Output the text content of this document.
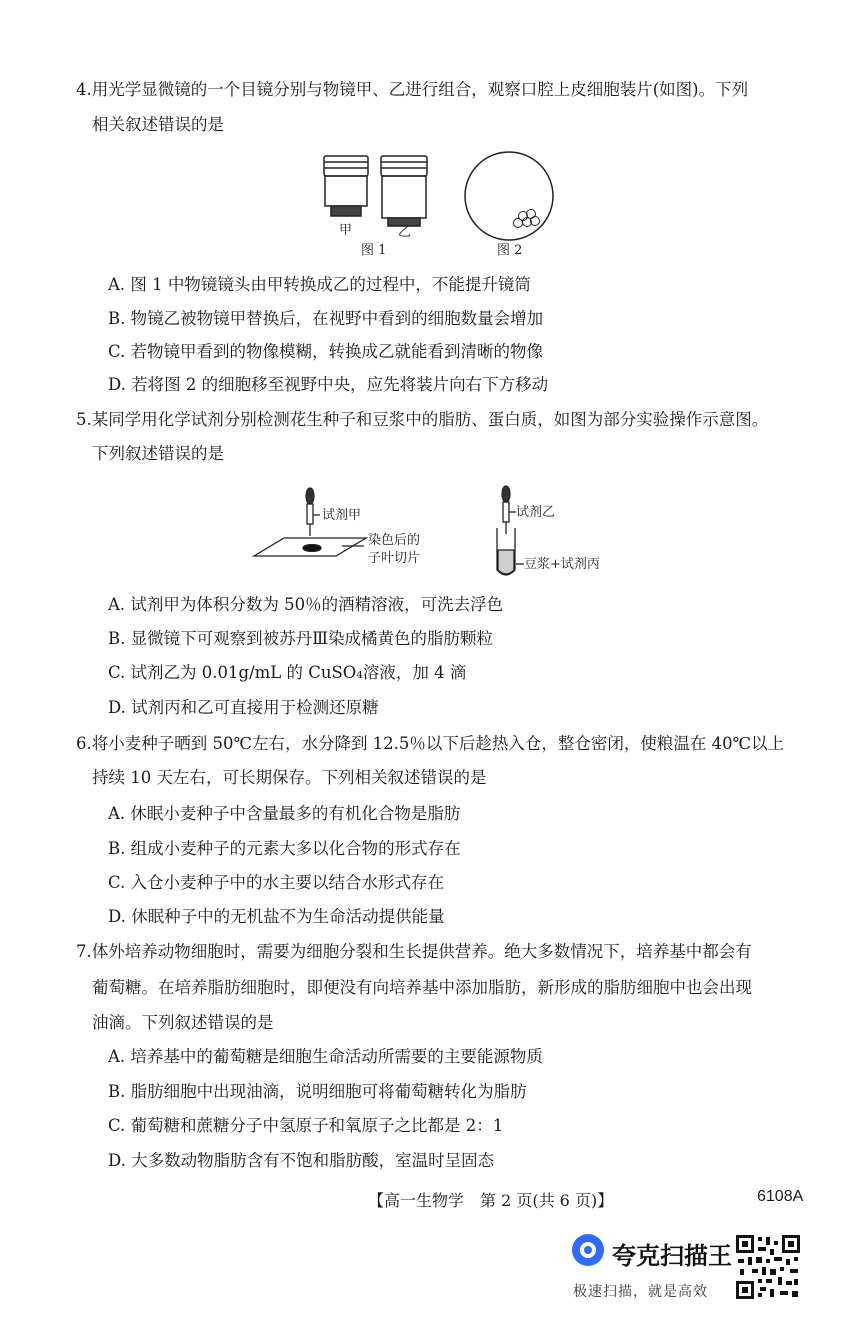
4.用光学显微镜的一个目镜分别与物镜甲、乙进行组合，观察口腔上皮细胞装片(如图)。下列
相关叙述错误的是
甲	乙
图 1	图 2
A. 图 1 中物镜镜头由甲转换成乙的过程中，不能提升镜筒
B. 物镜乙被物镜甲替换后，在视野中看到的细胞数量会增加
C. 若物镜甲看到的物像模糊，转换成乙就能看到清晰的物像
D. 若将图 2 的细胞移至视野中央，应先将装片向右下方移动
5.某同学用化学试剂分别检测花生种子和豆浆中的脂肪、蛋白质，如图为部分实验操作示意图。
下列叙述错误的是
试剂甲
染色后的
子叶切片
试剂乙
豆浆+试剂丙
A. 试剂甲为体积分数为 50％的酒精溶液，可洗去浮色
B. 显微镜下可观察到被苏丹Ⅲ染成橘黄色的脂肪颗粒
C. 试剂乙为 0.01g/mL 的 CuSO₄溶液，加 4 滴
D. 试剂丙和乙可直接用于检测还原糖
6.将小麦种子晒到 50℃左右，水分降到 12.5％以下后趁热入仓，整仓密闭，使粮温在 40℃以上
持续 10 天左右，可长期保存。下列相关叙述错误的是
A. 休眠小麦种子中含量最多的有机化合物是脂肪
B. 组成小麦种子的元素大多以化合物的形式存在
C. 入仓小麦种子中的水主要以结合水形式存在
D. 休眠种子中的无机盐不为生命活动提供能量
7.体外培养动物细胞时，需要为细胞分裂和生长提供营养。绝大多数情况下，培养基中都会有
葡萄糖。在培养脂肪细胞时，即便没有向培养基中添加脂肪，新形成的脂肪细胞中也会出现
油滴。下列叙述错误的是
A. 培养基中的葡萄糖是细胞生命活动所需要的主要能源物质
B. 脂肪细胞中出现油滴，说明细胞可将葡萄糖转化为脂肪
C. 葡萄糖和蔗糖分子中氢原子和氧原子之比都是 2：1
D. 大多数动物脂肪含有不饱和脂肪酸，室温时呈固态
【高一生物学　第 2 页(共 6 页)】	6108A
夸克扫描王
极速扫描，就是高效
